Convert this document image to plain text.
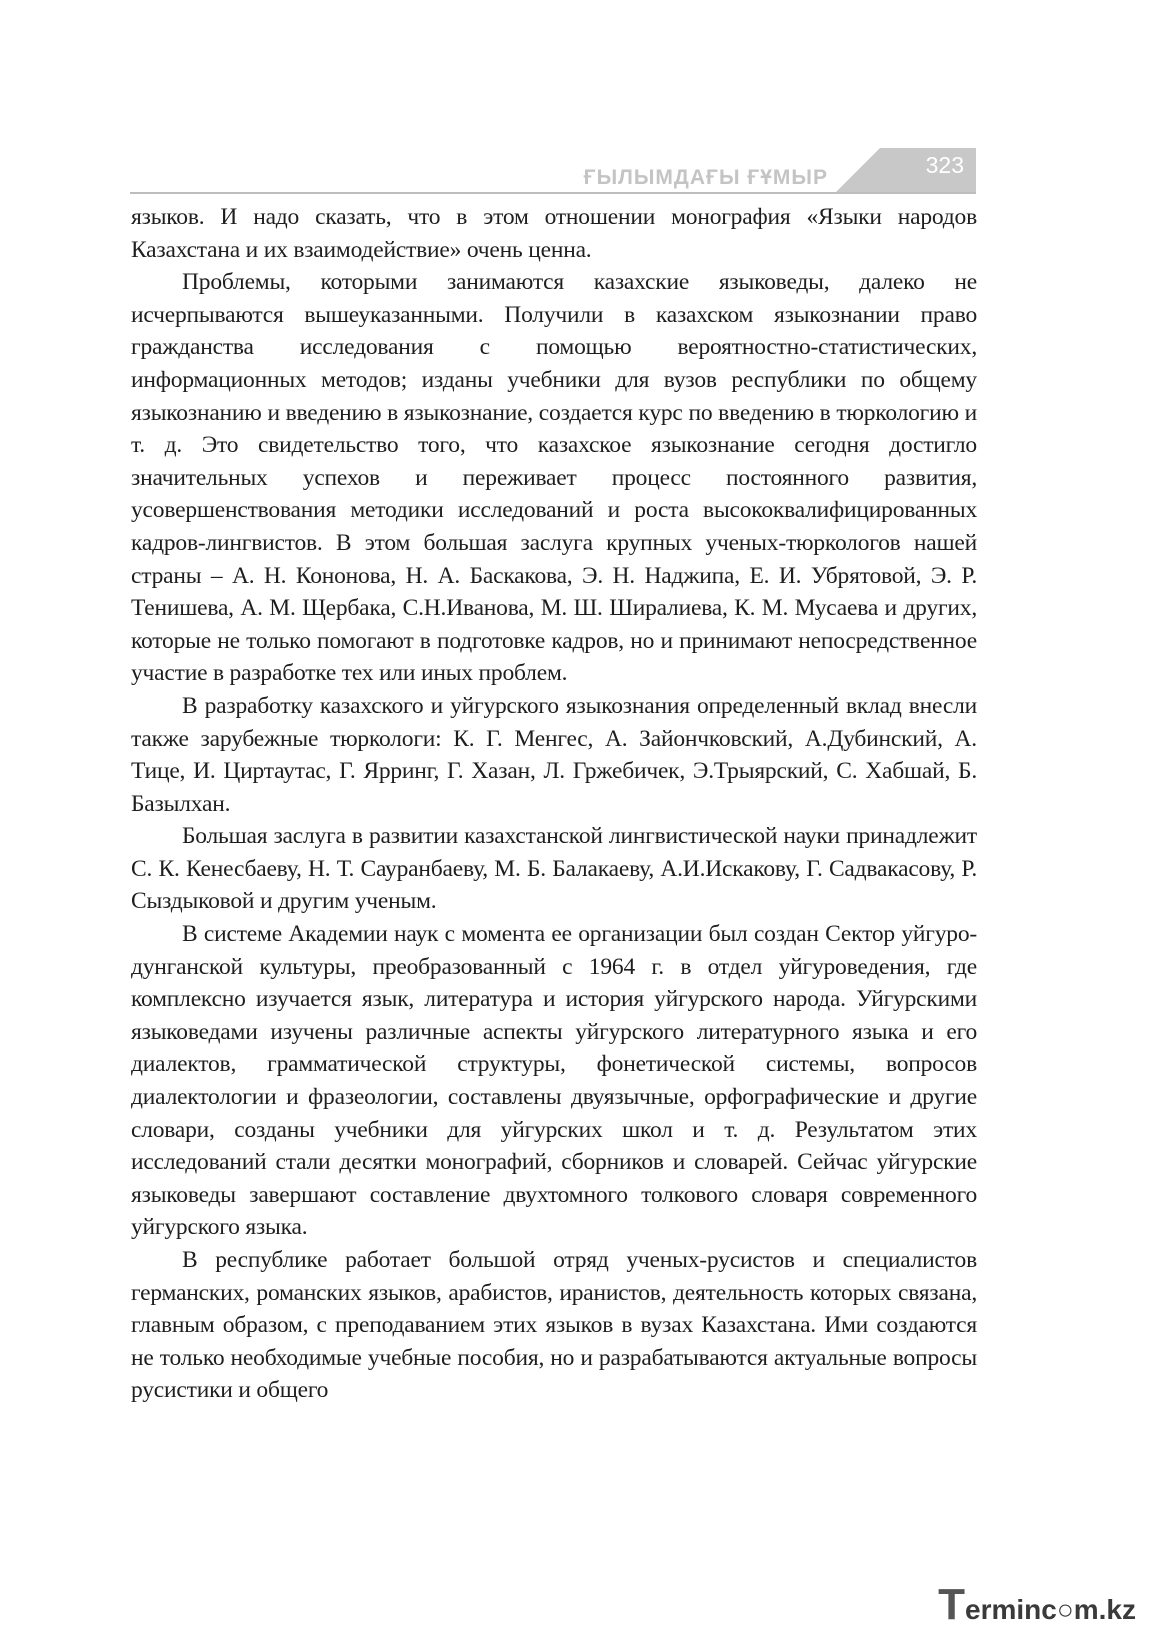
ҒЫЛЫМДАҒЫ ҒҰМЫР	323

языков. И надо сказать, что в этом отношении монография «Языки народов Казахстана и их взаимодействие» очень ценна.

Проблемы, которыми занимаются казахские языковеды, далеко не исчерпываются вышеуказанными. Получили в казахском языкознании право гражданства исследования с помощью вероятностно-статистических, информационных методов; изданы учебники для вузов республики по общему языкознанию и введению в языкознание, создается курс по введению в тюркологию и т. д. Это свидетельство того, что казахское языкознание сегодня достигло значительных успехов и переживает процесс постоянного развития, усовершенствования методики исследований и роста высококвалифицированных кадров-лингвистов. В этом большая заслуга крупных ученых-тюркологов нашей страны – А. Н. Кононова, Н. А. Баскакова, Э. Н. Наджипа, Е. И. Убрятовой, Э. Р. Тенишева, А. М. Щербака, С.Н.Иванова, М. Ш. Ширалиева, К. М. Мусаева и других, которые не только помогают в подготовке кадров, но и принимают непосредственное участие в разработке тех или иных проблем.

В разработку казахского и уйгурского языкознания определенный вклад внесли также зарубежные тюркологи: К. Г. Менгес, А. Зайончковский, А.Дубинский, А. Тице, И. Циртаутас, Г. Ярринг, Г. Хазан, Л. Гржебичек, Э.Трыярский, С. Хабшай, Б. Базылхан.

Большая заслуга в развитии казахстанской лингвистической науки принадлежит С. К. Кенесбаеву, Н. Т. Сауранбаеву, М. Б. Балакаеву, А.И.Искакову, Г. Садвакасову, Р. Сыздыковой и другим ученым.

В системе Академии наук с момента ее организации был создан Сектор уйгуро-дунганской культуры, преобразованный с 1964 г. в отдел уйгуроведения, где комплексно изучается язык, литература и история уйгурского народа. Уйгурскими языковедами изучены различные аспекты уйгурского литературного языка и его диалектов, грамматической структуры, фонетической системы, вопросов диалектологии и фразеологии, составлены двуязычные, орфографические и другие словари, созданы учебники для уйгурских школ и т. д. Результатом этих исследований стали десятки монографий, сборников и словарей. Сейчас уйгурские языковеды завершают составление двухтомного толкового словаря современного уйгурского языка.

В республике работает большой отряд ученых-русистов и специалистов германских, романских языков, арабистов, иранистов, деятельность которых связана, главным образом, с преподаванием этих языков в вузах Казахстана. Ими создаются не только необходимые учебные пособия, но и разрабатываются актуальные вопросы русистики и общего

T erminc○m.kz
